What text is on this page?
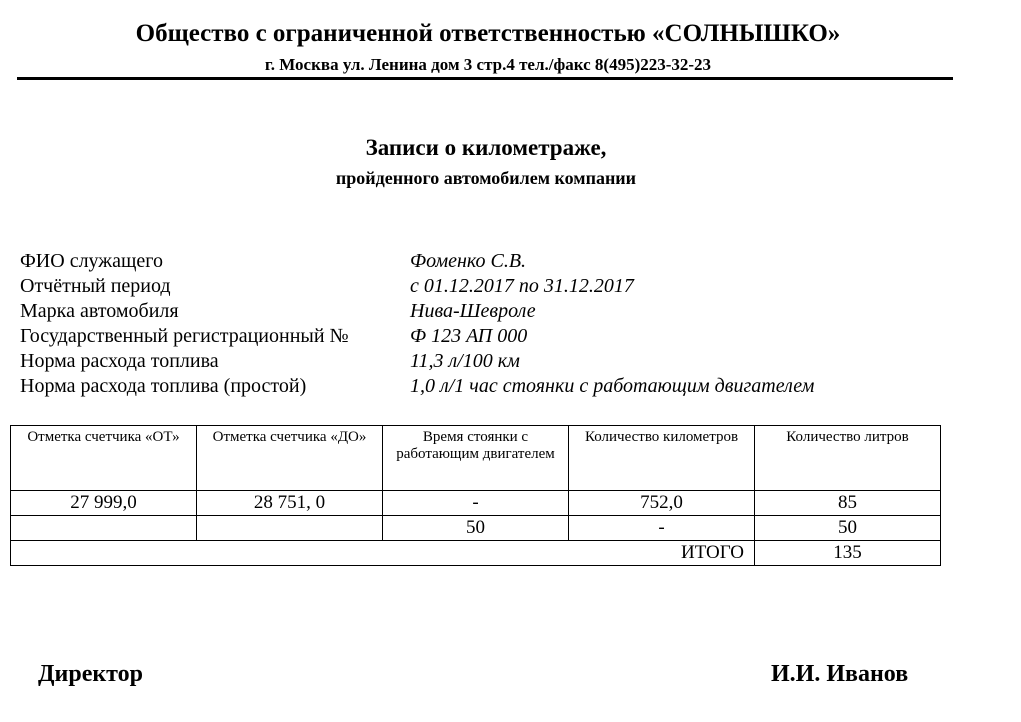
Общество с ограниченной ответственностью «СОЛНЫШКО»
г. Москва ул. Ленина дом 3 стр.4 тел./факс 8(495)223-32-23
Записи о километраже,
пройденного автомобилем компании
ФИО служащего	Фоменко С.В.
Отчётный период	с 01.12.2017 по 31.12.2017
Марка автомобиля	Нива-Шевроле
Государственный регистрационный №	Ф 123 АП 000
Норма расхода топлива	11,3 л/100 км
Норма расхода топлива (простой)	1,0 л/1 час стоянки с работающим двигателем
Отметка счетчика «ОТ»	Отметка счетчика «ДО»	Время стоянки с работающим двигателем	Количество километров	Количество литров
27 999,0	28 751, 0	-	752,0	85
		50	-	50
ИТОГО				135
Директор	И.И. Иванов
